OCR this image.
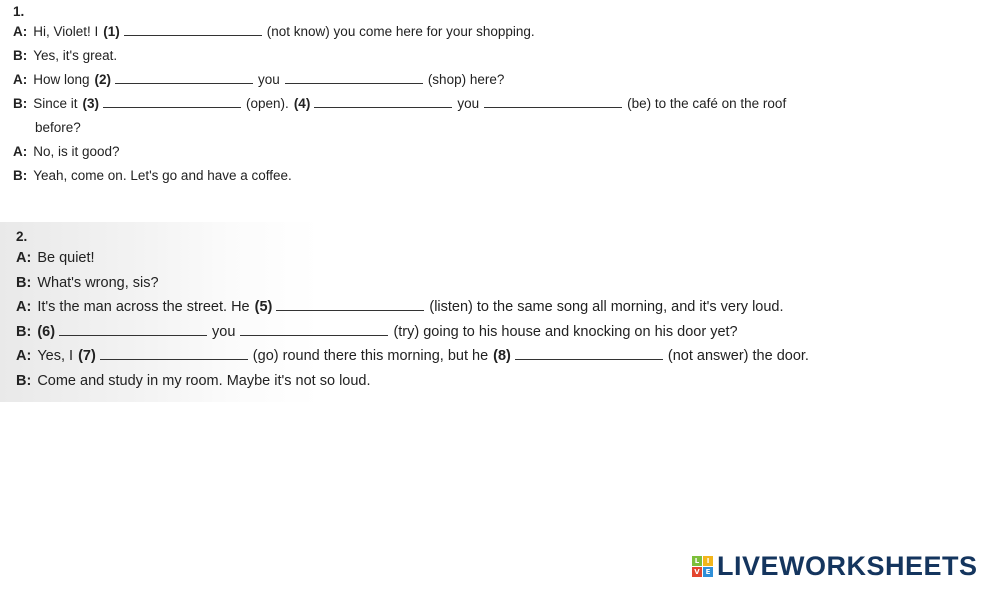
1.
A: Hi, Violet! I (1)	(not know) you come here for your shopping.
B: Yes, it's great.
A: How long (2)	you	(shop) here?
B: Since it (3)	(open). (4)	you	(be) to the café on the roof
before?
A: No, is it good?
B: Yeah, come on. Let's go and have a coffee.
2.
A: Be quiet!
B: What's wrong, sis?
A: It's the man across the street. He (5)	(listen) to the same song all morning, and it's very loud.
B: (6)	you	(try) going to his house and knocking on his door yet?
A: Yes, I (7)	(go) round there this morning, but he (8)	(not answer) the door.
B: Come and study in my room. Maybe it's not so loud.
L	I
V E LIVEWORKSHEETS
